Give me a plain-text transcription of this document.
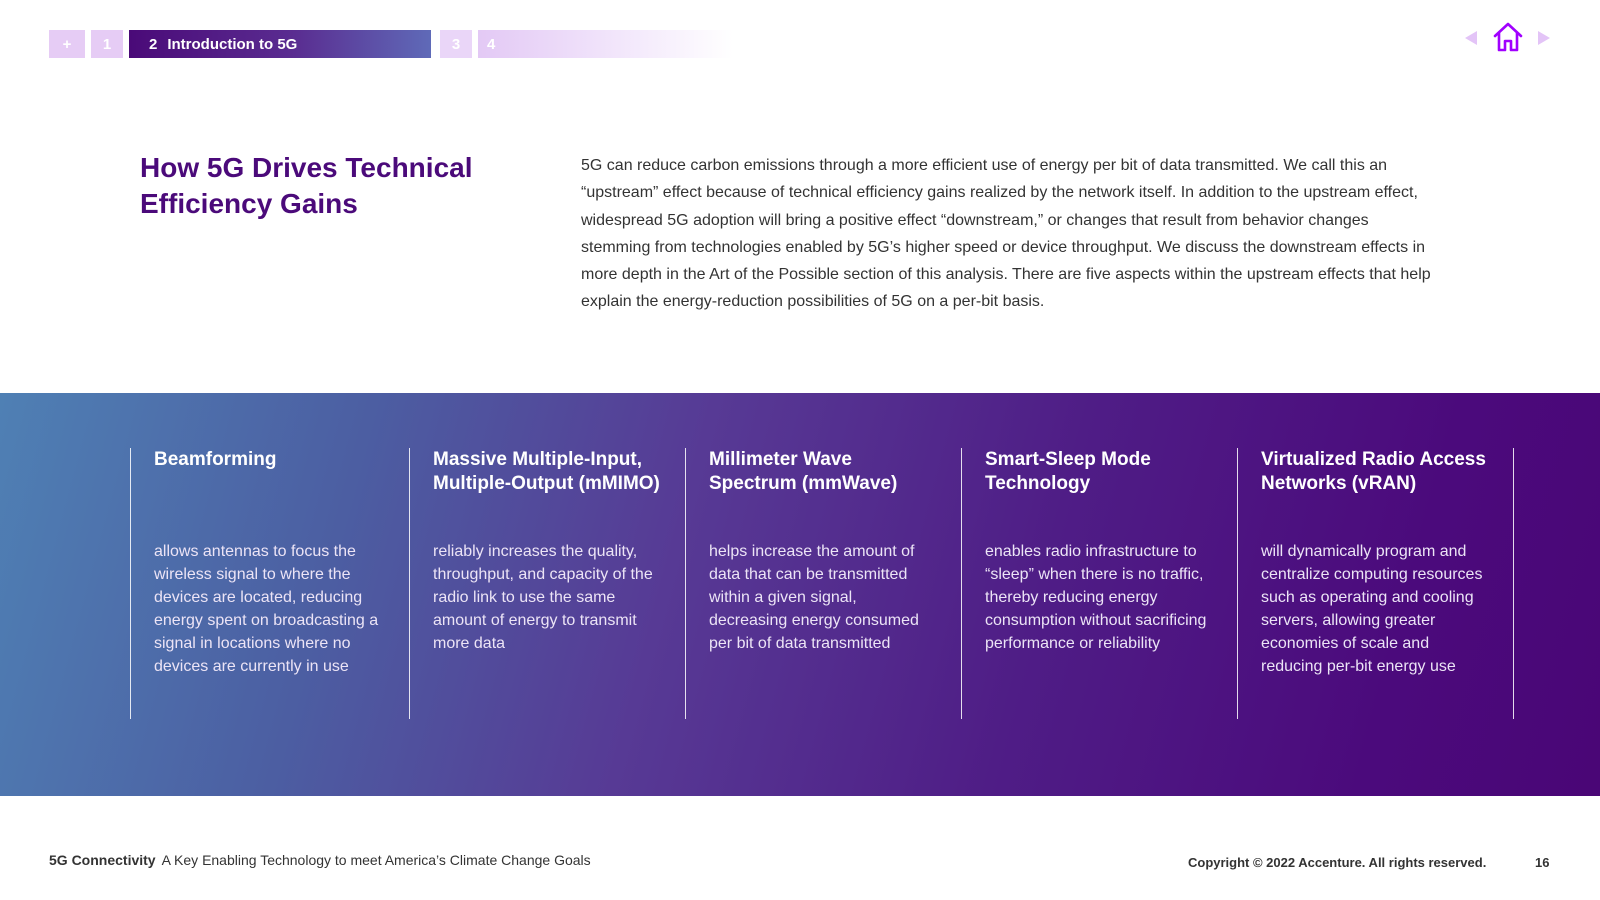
+ 1	2 Introduction to 5G	3 4
How 5G Drives Technical
Efficiency Gains

5G can reduce carbon emissions through a more efficient use of energy per bit of data transmitted. We call this an “upstream” effect because of technical efficiency gains realized by the network itself. In addition to the upstream effect, widespread 5G adoption will bring a positive effect “downstream,” or changes that result from behavior changes stemming from technologies enabled by 5G’s higher speed or device throughput. We discuss the downstream effects in more depth in the Art of the Possible section of this analysis. There are five aspects within the upstream effects that help explain the energy-reduction possibilities of 5G on a per-bit basis.

Beamforming

allows antennas to focus the wireless signal to where the devices are located, reducing energy spent on broadcasting a signal in locations where no devices are currently in use

Massive Multiple-Input, Multiple-Output (mMIMO)

reliably increases the quality, throughput, and capacity of the radio link to use the same amount of energy to transmit more data

Millimeter Wave Spectrum (mmWave)

helps increase the amount of data that can be transmitted within a given signal, decreasing energy consumed per bit of data transmitted

Smart-Sleep Mode Technology

enables radio infrastructure to “sleep” when there is no traffic, thereby reducing energy consumption without sacrificing performance or reliability

Virtualized Radio Access Networks (vRAN)

will dynamically program and centralize computing resources such as operating and cooling servers, allowing greater economies of scale and reducing per-bit energy use

5G Connectivity A Key Enabling Technology to meet America’s Climate Change Goals	Copyright © 2022 Accenture. All rights reserved.	16
